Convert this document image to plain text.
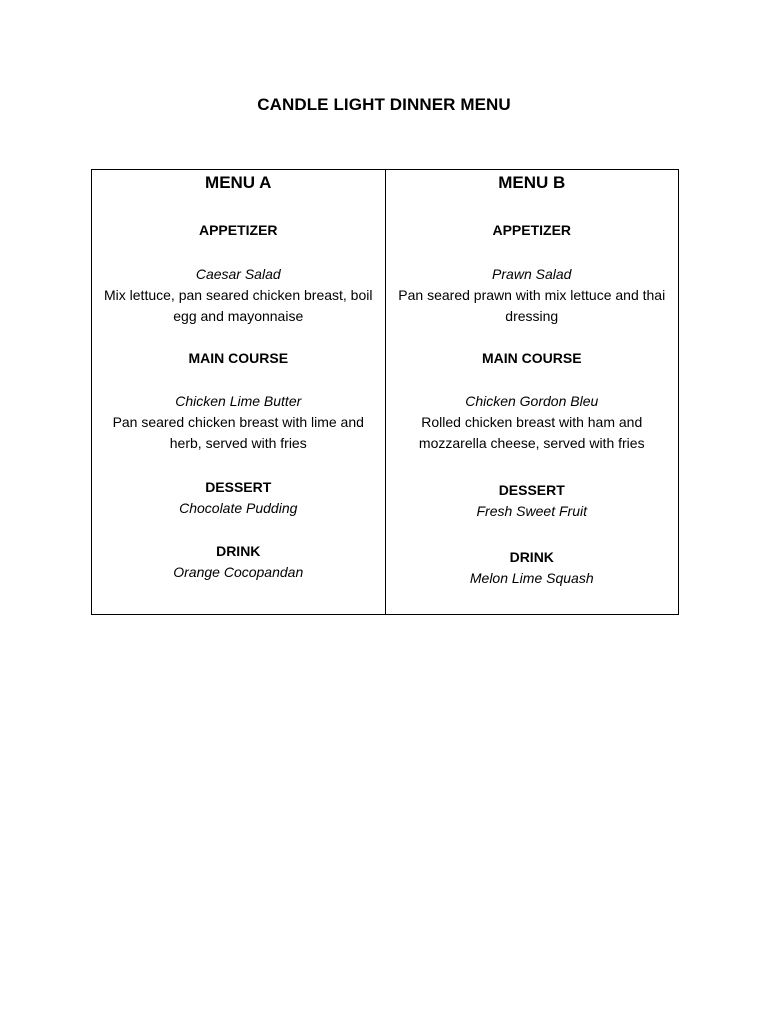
CANDLE LIGHT DINNER MENU
MENU A
APPETIZER
Caesar Salad
Mix lettuce, pan seared chicken breast, boil egg and mayonnaise
MAIN COURSE
Chicken Lime Butter
Pan seared chicken breast with lime and herb, served with fries
DESSERT
Chocolate Pudding
DRINK
Orange Cocopandan
MENU B
APPETIZER
Prawn Salad
Pan seared prawn with mix lettuce and thai dressing
MAIN COURSE
Chicken Gordon Bleu
Rolled chicken breast with ham and mozzarella cheese, served with fries
DESSERT
Fresh Sweet Fruit
DRINK
Melon Lime Squash
